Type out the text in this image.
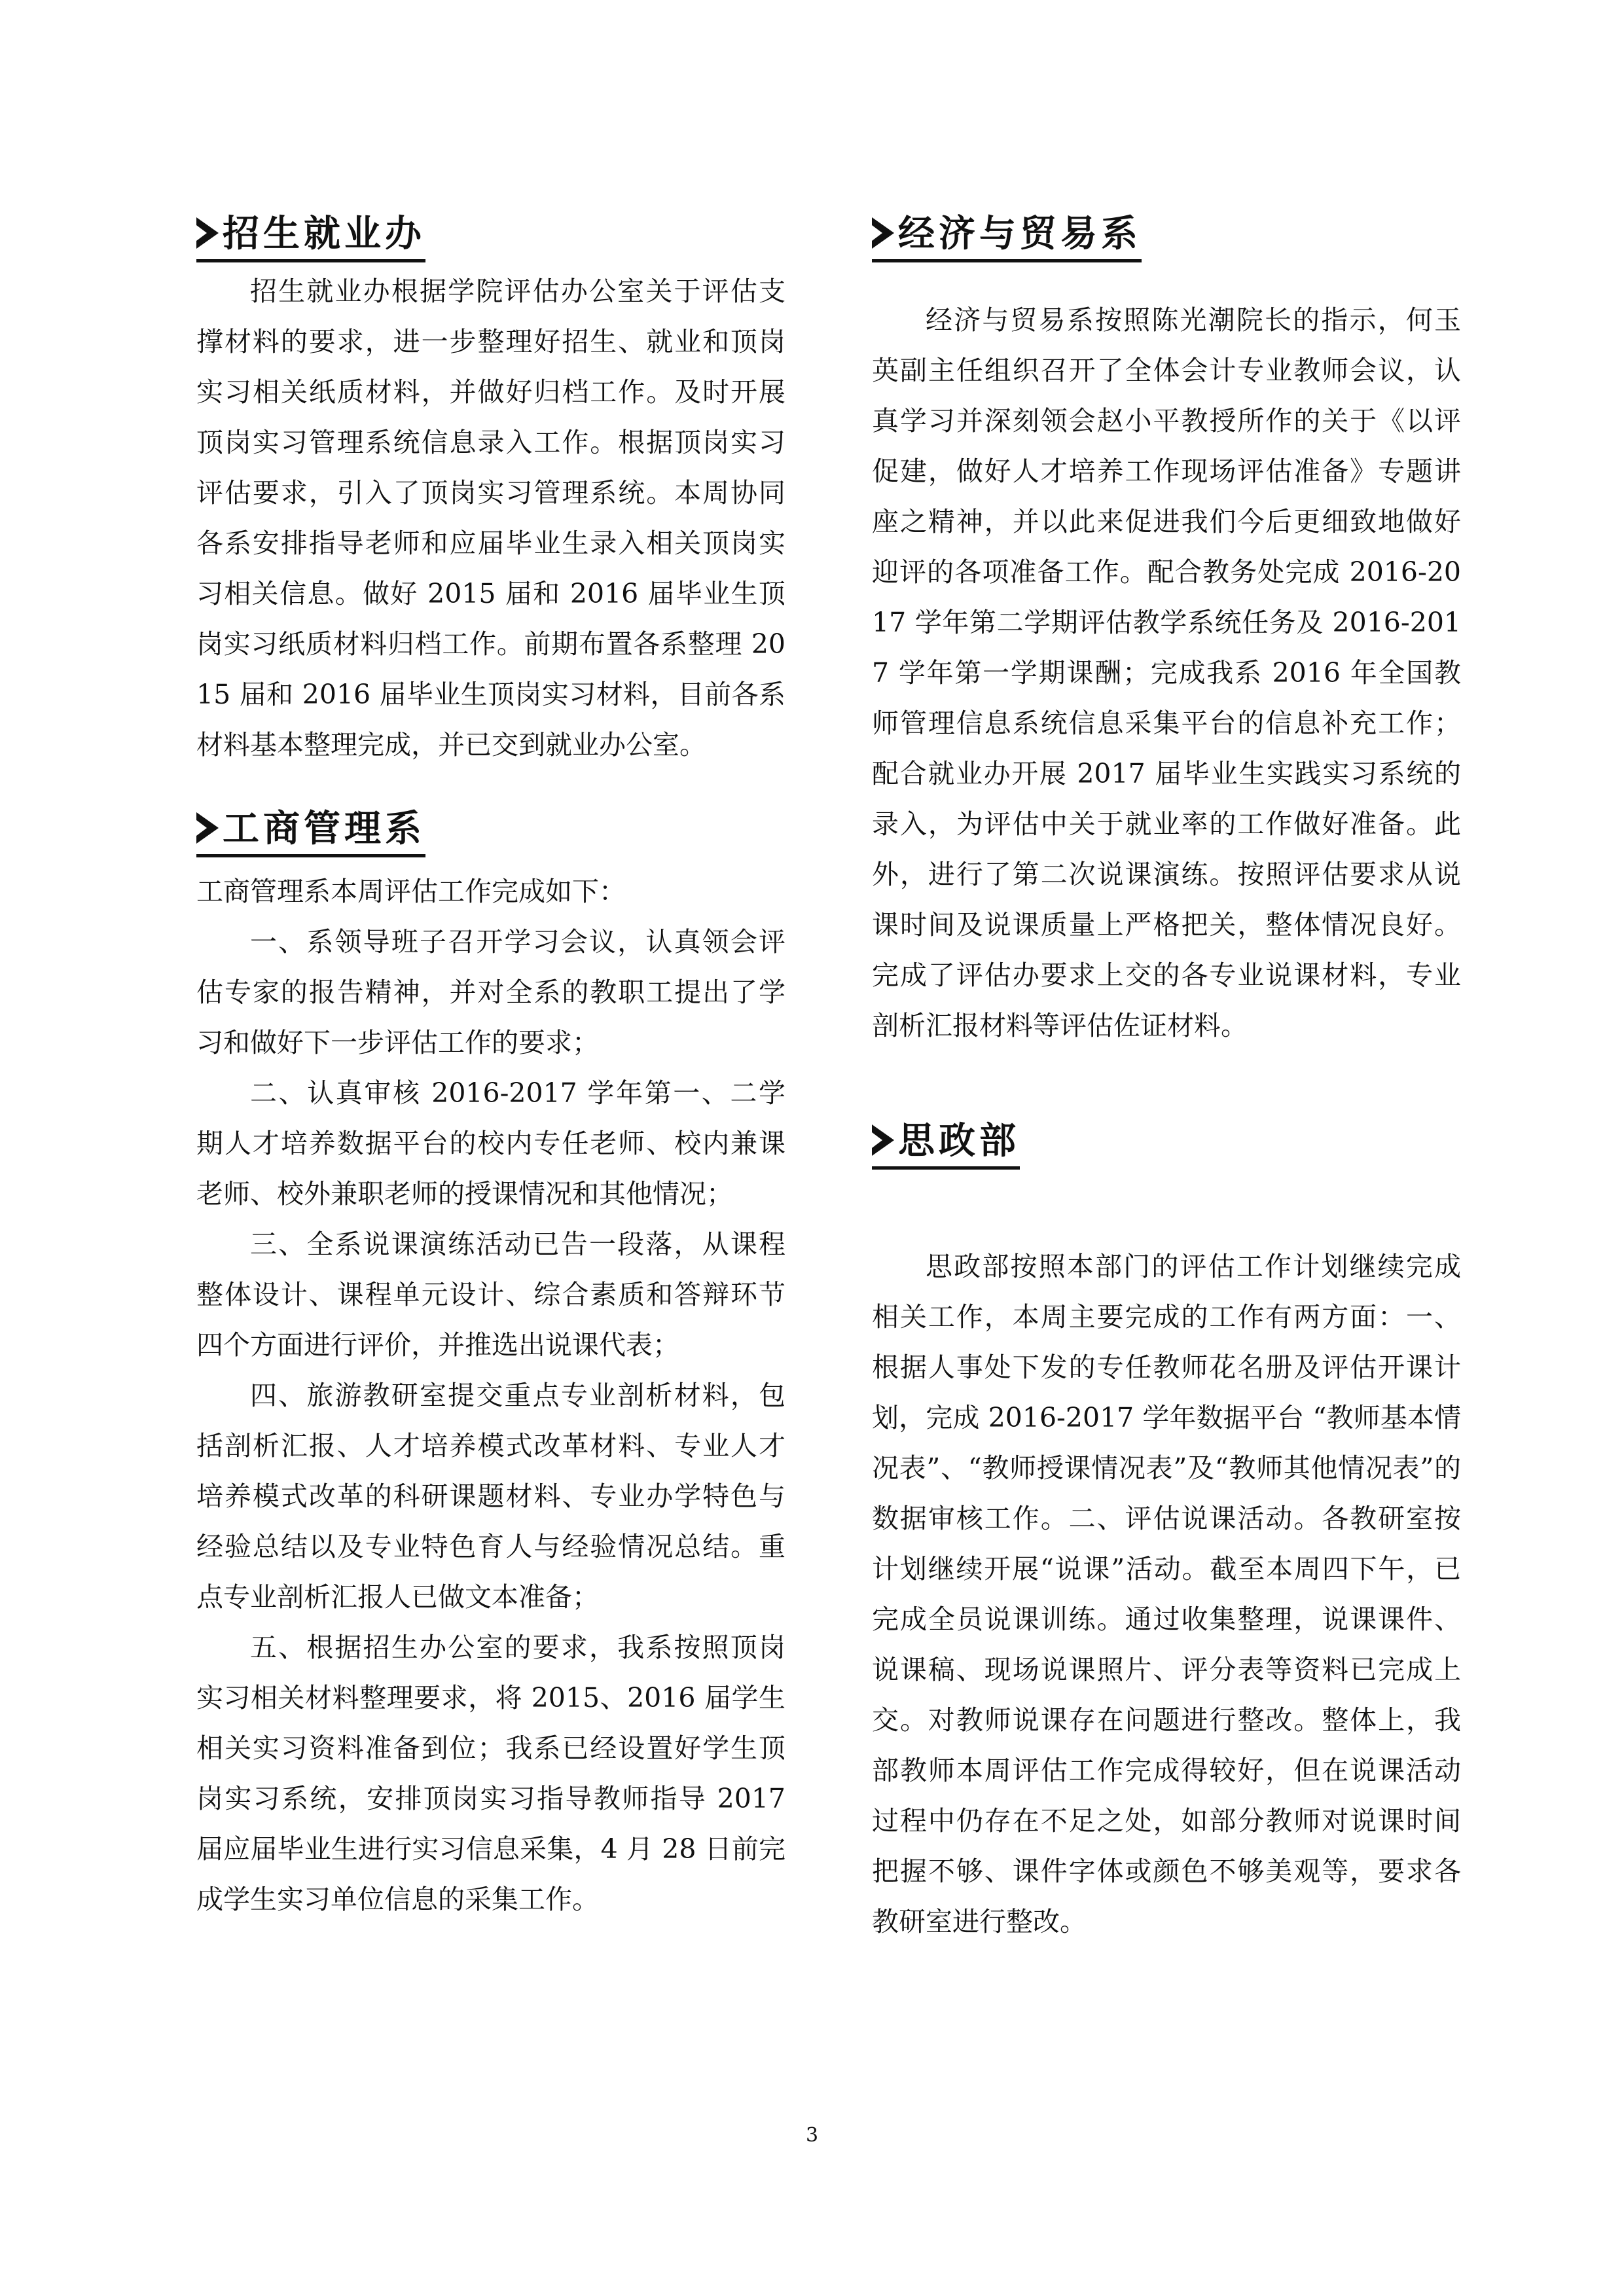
招生就业办

招生就业办根据学院评估办公室关于评估支撑材料的要求，进一步整理好招生、就业和顶岗实习相关纸质材料，并做好归档工作。及时开展顶岗实习管理系统信息录入工作。根据顶岗实习评估要求，引入了顶岗实习管理系统。本周协同各系安排指导老师和应届毕业生录入相关顶岗实习相关信息。做好 2015 届和 2016 届毕业生顶岗实习纸质材料归档工作。前期布置各系整理 2015 届和 2016 届毕业生顶岗实习材料，目前各系材料基本整理完成，并已交到就业办公室。

工商管理系

工商管理系本周评估工作完成如下：

一、系领导班子召开学习会议，认真领会评估专家的报告精神，并对全系的教职工提出了学习和做好下一步评估工作的要求；

二、认真审核 2016-2017 学年第一、二学期人才培养数据平台的校内专任老师、校内兼课老师、校外兼职老师的授课情况和其他情况；

三、全系说课演练活动已告一段落，从课程整体设计、课程单元设计、综合素质和答辩环节四个方面进行评价，并推选出说课代表；

四、旅游教研室提交重点专业剖析材料，包括剖析汇报、人才培养模式改革材料、专业人才培养模式改革的科研课题材料、专业办学特色与经验总结以及专业特色育人与经验情况总结。重点专业剖析汇报人已做文本准备；

五、根据招生办公室的要求，我系按照顶岗实习相关材料整理要求，将 2015、2016 届学生相关实习资料准备到位；我系已经设置好学生顶岗实习系统，安排顶岗实习指导教师指导 2017 届应届毕业生进行实习信息采集，4 月 28 日前完成学生实习单位信息的采集工作。

经济与贸易系

经济与贸易系按照陈光潮院长的指示，何玉英副主任组织召开了全体会计专业教师会议，认真学习并深刻领会赵小平教授所作的关于《以评促建，做好人才培养工作现场评估准备》专题讲座之精神，并以此来促进我们今后更细致地做好迎评的各项准备工作。配合教务处完成 2016-2017 学年第二学期评估教学系统任务及 2016-2017 学年第一学期课酬；完成我系 2016 年全国教师管理信息系统信息采集平台的信息补充工作；配合就业办开展 2017 届毕业生实践实习系统的录入，为评估中关于就业率的工作做好准备。此外，进行了第二次说课演练。按照评估要求从说课时间及说课质量上严格把关，整体情况良好。完成了评估办要求上交的各专业说课材料，专业剖析汇报材料等评估佐证材料。

思政部

思政部按照本部门的评估工作计划继续完成相关工作，本周主要完成的工作有两方面：一、根据人事处下发的专任教师花名册及评估开课计划，完成 2016-2017 学年数据平台 “教师基本情况表”、“教师授课情况表”及“教师其他情况表”的数据审核工作。二、评估说课活动。各教研室按计划继续开展“说课”活动。截至本周四下午，已完成全员说课训练。通过收集整理，说课课件、说课稿、现场说课照片、评分表等资料已完成上交。对教师说课存在问题进行整改。整体上，我部教师本周评估工作完成得较好，但在说课活动过程中仍存在不足之处，如部分教师对说课时间把握不够、课件字体或颜色不够美观等，要求各教研室进行整改。

3
